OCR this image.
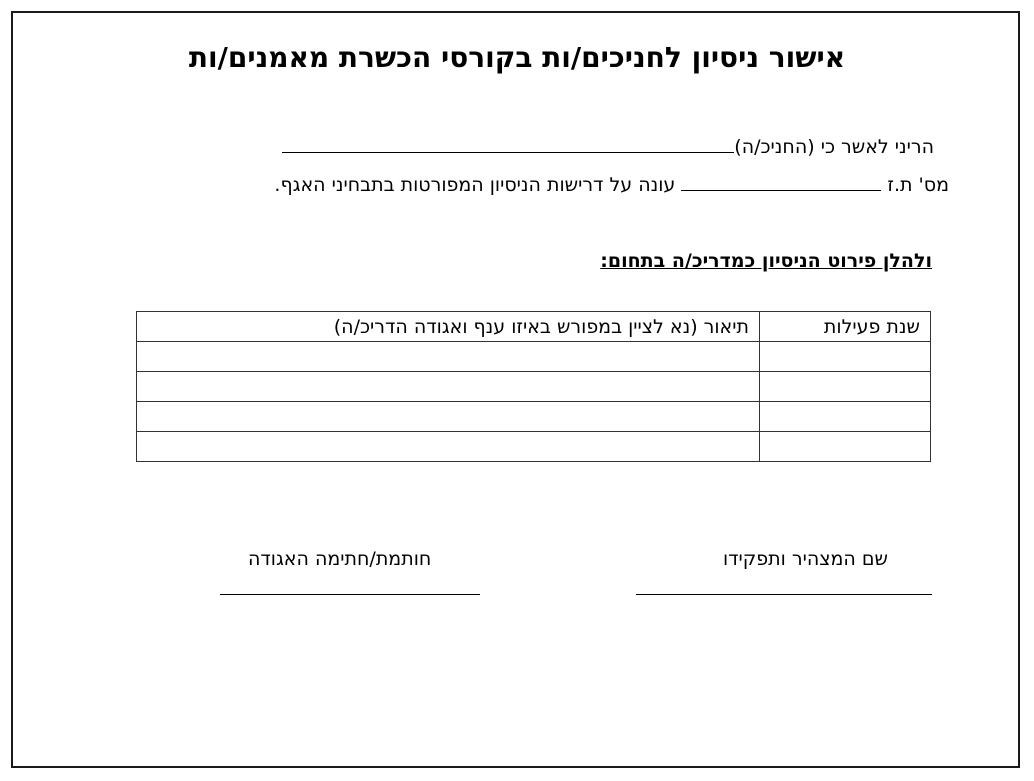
אישור ניסיון לחניכים/ות בקורסי הכשרת מאמנים/ות
הריני לאשר כי (החניכ/ה)
מס' ת.ז  עונה על דרישות הניסיון המפורטות בתבחיני האגף.
ולהלן פירוט הניסיון כמדריכ/ה בתחום:
שנת פעילות	תיאור (נא לציין במפורש באיזו ענף ואגודה הדריכ/ה)

חותמת/חתימה האגודה	שם המצהיר ותפקידו
